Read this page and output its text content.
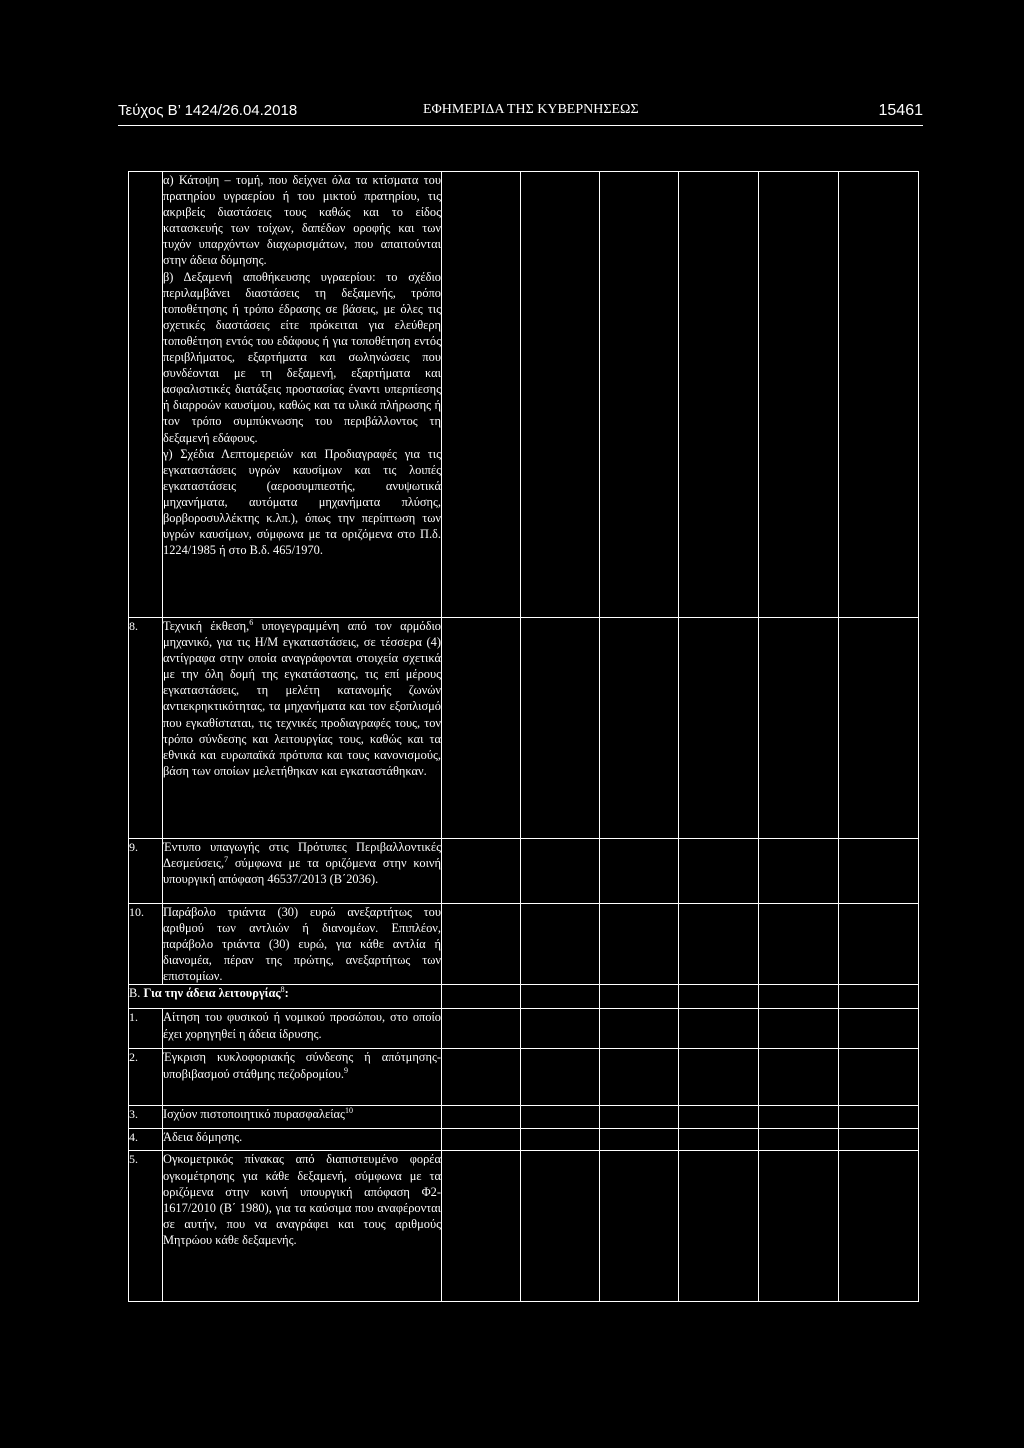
Τεύχος Β’ 1424/26.04.2018	ΕΦΗΜΕΡΙΔΑ ΤΗΣ ΚΥΒΕΡΝΗΣΕΩΣ	15461

	α) Κάτοψη – τομή, που δείχνει όλα τα κτίσματα του πρατηρίου υγραερίου ή του μικτού πρατηρίου, τις ακριβείς διαστάσεις τους καθώς και το είδος κατασκευής των τοίχων, δαπέδων οροφής και των τυχόν υπαρχόντων διαχωρισμάτων, που απαιτούνται στην άδεια δόμησης.
β) Δεξαμενή αποθήκευσης υγραερίου: το σχέδιο περιλαμβάνει διαστάσεις τη δεξαμενής, τρόπο τοποθέτησης ή τρόπο έδρασης σε βάσεις, με όλες τις σχετικές διαστάσεις είτε πρόκειται για ελεύθερη τοποθέτηση εντός του εδάφους ή για τοποθέτηση εντός περιβλήματος, εξαρτήματα και σωληνώσεις που συνδέονται με τη δεξαμενή, εξαρτήματα και ασφαλιστικές διατάξεις προστασίας έναντι υπερπίεσης ή διαρροών καυσίμου, καθώς και τα υλικά πλήρωσης ή τον τρόπο συμπύκνωσης του περιβάλλοντος τη δεξαμενή εδάφους.
γ) Σχέδια Λεπτομερειών και Προδιαγραφές για τις εγκαταστάσεις υγρών καυσίμων και τις λοιπές εγκαταστάσεις (αεροσυμπιεστής, ανυψωτικά μηχανήματα, αυτόματα μηχανήματα πλύσης, βορβοροσυλλέκτης κ.λπ.), όπως την περίπτωση των υγρών καυσίμων, σύμφωνα με τα οριζόμενα στο Π.δ. 1224/1985 ή στο Β.δ. 465/1970.						

8.	Τεχνική έκθεση,$^6$ υπογεγραμμένη από τον αρμόδιο μηχανικό, για τις Η/Μ εγκαταστάσεις, σε τέσσερα (4) αντίγραφα στην οποία αναγράφονται στοιχεία σχετικά με την όλη δομή της εγκατάστασης, τις επί μέρους εγκαταστάσεις, τη μελέτη κατανομής ζωνών αντιεκρηκτικότητας, τα μηχανήματα και τον εξοπλισμό που εγκαθίσταται, τις τεχνικές προδιαγραφές τους, τον τρόπο σύνδεσης και λειτουργίας τους, καθώς και τα εθνικά και ευρωπαϊκά πρότυπα και τους κανονισμούς, βάση των οποίων μελετήθηκαν και εγκαταστάθηκαν.						
9.	Έντυπο υπαγωγής στις Πρότυπες Περιβαλλοντικές Δεσμεύσεις,$^7$ σύμφωνα με τα οριζόμενα στην κοινή υπουργική απόφαση 46537/2013 (Β΄2036).						
10.	Παράβολο τριάντα (30) ευρώ ανεξαρτήτως του αριθμού των αντλιών ή διανομέων. Επιπλέον, παράβολο τριάντα (30) ευρώ, για κάθε αντλία ή διανομέα, πέραν της πρώτης, ανεξαρτήτως των επιστομίων.						
Β. Για την άδεια λειτουργίας$^8$:							
1.	Αίτηση του φυσικού ή νομικού προσώπου, στο οποίο έχει χορηγηθεί η άδεια ίδρυσης.						
2.	Έγκριση κυκλοφοριακής σύνδεσης ή απότμησης- υποβιβασμού στάθμης πεζοδρομίου.$^9$						
3.	Ισχύον πιστοποιητικό πυρασφαλείας$^{10}$						
4.	Άδεια δόμησης.						
5.	Ογκομετρικός πίνακας από διαπιστευμένο φορέα ογκομέτρησης για κάθε δεξαμενή, σύμφωνα με τα οριζόμενα στην κοινή υπουργική απόφαση Φ2-1617/2010 (Β΄ 1980), για τα καύσιμα που αναφέρονται σε αυτήν, που να αναγράφει και τους αριθμούς Μητρώου κάθε δεξαμενής.						
